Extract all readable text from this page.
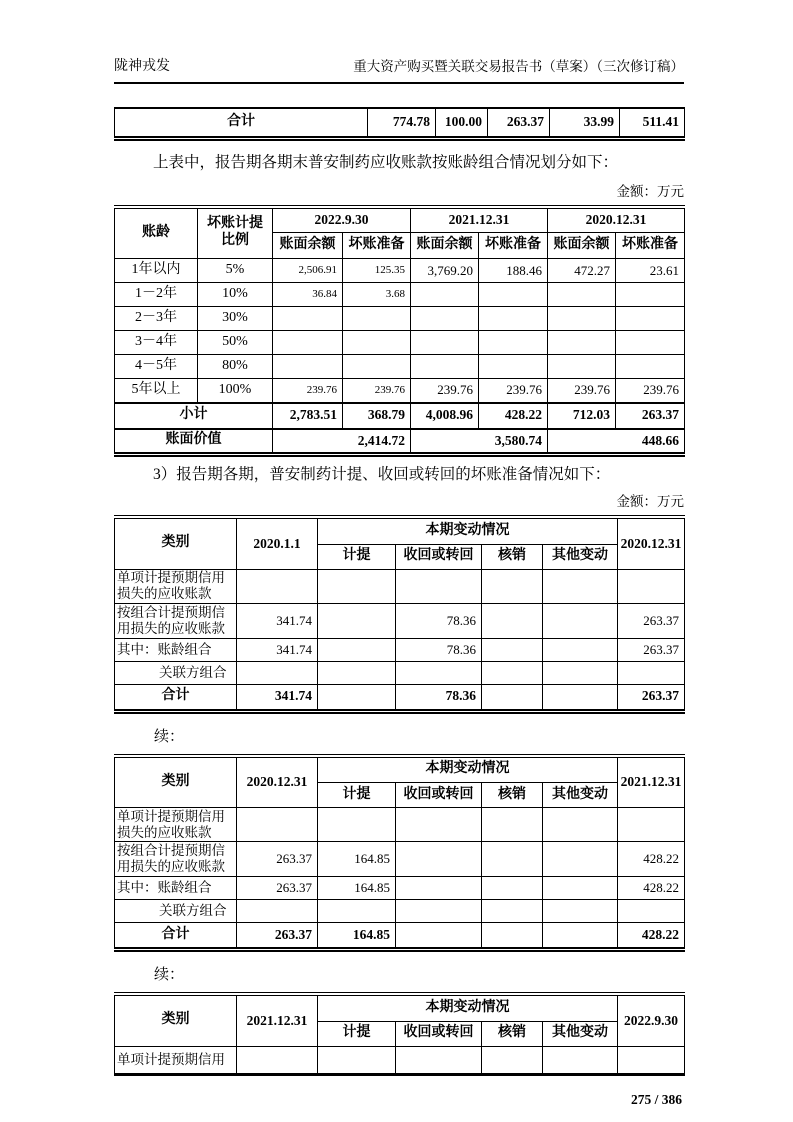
陇神戎发	重大资产购买暨关联交易报告书（草案）（三次修订稿）
合计	774.78	100.00	263.37	33.99	511.41

上表中，报告期各期末普安制药应收账款按账龄组合情况划分如下：

金额：万元
账龄	坏账计提比例	2022.9.30		2021.12.31		2020.12.31	
		账面余额	坏账准备	账面余额	坏账准备	账面余额	坏账准备
1年以内	5%	2,506.91	125.35	3,769.20	188.46	472.27	23.61
1－2年	10%	36.84	3.68				
2－3年	30%						
3－4年	50%						
4－5年	80%						
5年以上	100%	239.76	239.76	239.76	239.76	239.76	239.76
小计		2,783.51	368.79	4,008.96	428.22	712.03	263.37
账面价值		2,414.72		3,580.74		448.66	

3）报告期各期，普安制药计提、收回或转回的坏账准备情况如下：

金额：万元
类别	2020.1.1	本期变动情况				2020.12.31
		计提	收回或转回	核销	其他变动	
单项计提预期信用损失的应收账款						
按组合计提预期信用损失的应收账款	341.74		78.36			263.37
其中：账龄组合	341.74		78.36			263.37
关联方组合						
合计	341.74		78.36			263.37
续：
类别	2020.12.31	本期变动情况				2021.12.31
		计提	收回或转回	核销	其他变动	
单项计提预期信用损失的应收账款						
按组合计提预期信用损失的应收账款	263.37	164.85				428.22
其中：账龄组合	263.37	164.85				428.22
关联方组合						
合计	263.37	164.85				428.22
续：
类别	2021.12.31	本期变动情况				2022.9.30
		计提	收回或转回	核销	其他变动	
单项计提预期信用						
275 / 386
